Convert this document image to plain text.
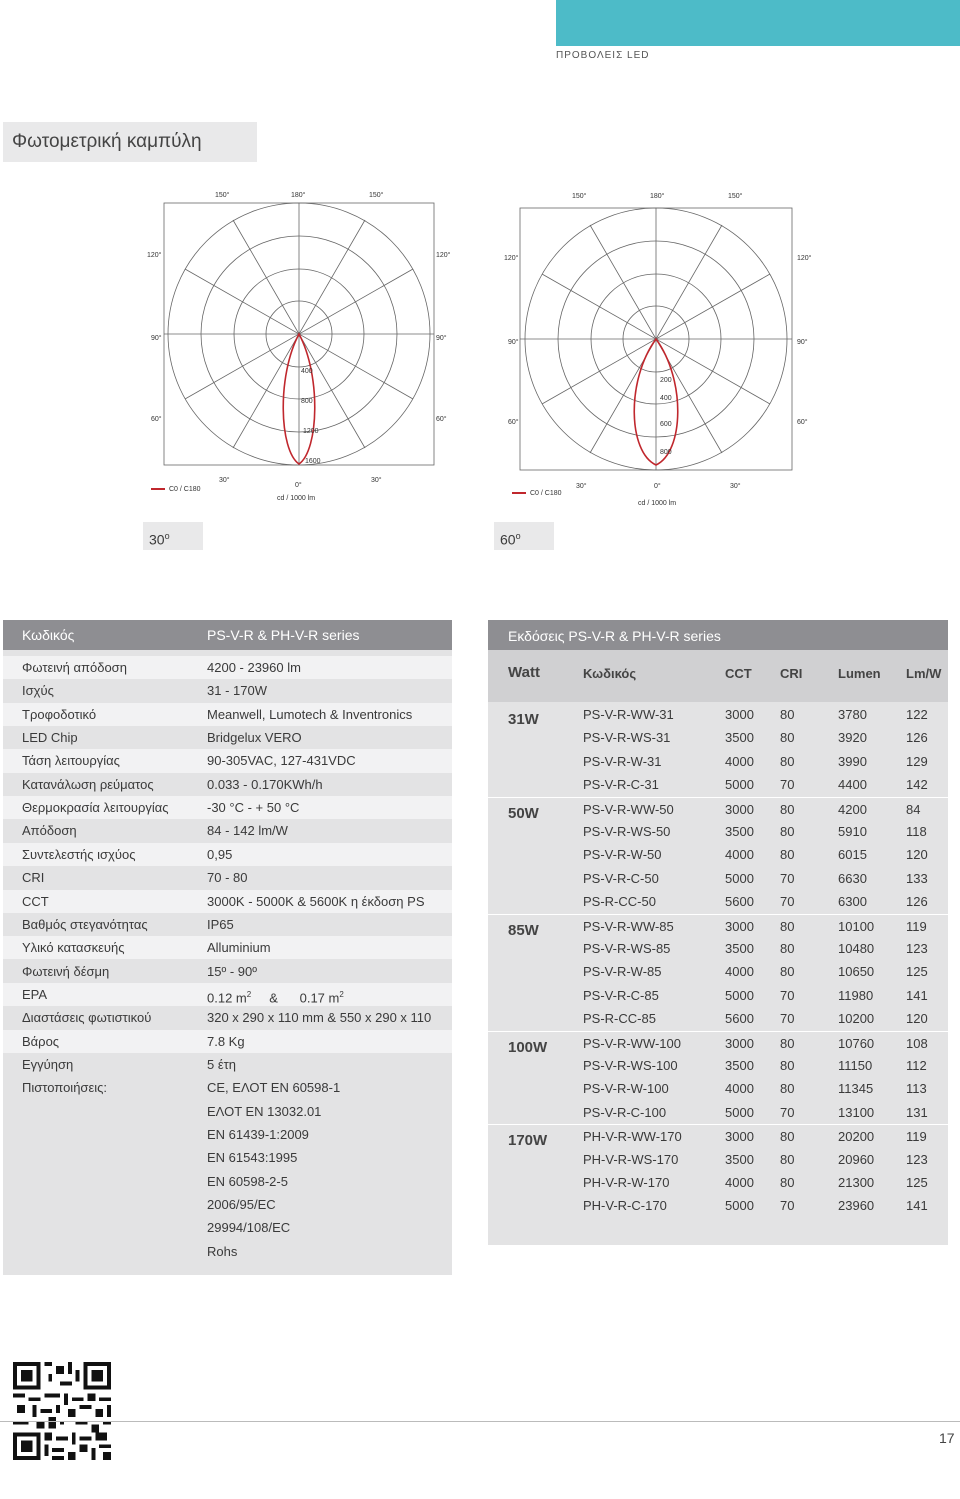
ΠΡΟΒΟΛΕΙΣ LED
Φωτομετρική καμπύλη
150°	180°	150°
120°	120°
90°	90°
60°	60°
30°
0°
30°
400
800
1200
1600
C0 / C180
cd / 1000 lm
150°	180°	150°
120°	120°
90°	90°
60°	60°
30°	0°	30°
200
400
600
800
C0 / C180
cd / 1000 lm
30$^o$	60$^o$
Κωδικός	PS-V-R & PH-V-R series
Φωτεινή απόδοση	4200 - 23960 lm
Ισχύς	31 - 170W
Τροφοδοτικό	Meanwell, Lumotech & Inventronics
LED Chip	Bridgelux VERO
Τάση λειτουργίας	90-305VAC, 127-431VDC
Κατανάλωση ρεύματος	0.033 - 0.170KWh/h
Θερμοκρασία λειτουργίας	-30 °C - + 50 °C
Απόδοση	84 - 142 lm/W
Συντελεστής ισχύος	0,95
CRI	70 - 80
CCT	3000K - 5000K & 5600K η έκδοση PS
Βαθμός στεγανότητας	IP65
Υλικό κατασκευής	Alluminium
Φωτεινή δέσμη	15º - 90º
EPA	0.12 $m^2$ & 0.17 $m^2$
Διαστάσεις φωτιστικού	320 x 290 x 110 mm & 550 x 290 x 110
Βάρος	7.8 Kg
Εγγύηση	5 έτη
Πιστοποιήσεις:	CE, ΕΛΟΤ EN 60598-1
ΕΛΟΤ EN 13032.01
EN 61439-1:2009
EN 61543:1995
EN 60598-2-5
2006/95/EC
29994/108/EC
Rohs
Εκδόσεις PS-V-R & PH-V-R series
Watt	Κωδικός	CCT CRI	Lumen Lm/W
31W	PS-V-R-WW-31	3000 80	3780	122
PS-V-R-WS-31	3500 80	3920	126
PS-V-R-W-31	4000 80	3990	129
PS-V-R-C-31	5000 70	4400	142
50W	PS-V-R-WW-50	3000 80	4200	84
PS-V-R-WS-50	3500 80	5910	118
PS-V-R-W-50	4000 80	6015	120
PS-V-R-C-50	5000 70	6630	133
PS-R-CC-50	5600 70	6300	126
85W	PS-V-R-WW-85	3000 80	10100 119
PS-V-R-WS-85	3500 80	10480 123
PS-V-R-W-85	4000 80	10650 125
PS-V-R-C-85	5000 70	11980	141
PS-R-CC-85	5600 70	10200 120
100W	PS-V-R-WW-100	3000 80	10760 108
PS-V-R-WS-100	3500 80	11150	112
PS-V-R-W-100	4000 80	11345	113
PS-V-R-C-100	5000 70	13100 131
170W	PH-V-R-WW-170	3000 80	20200 119
PH-V-R-WS-170	3500 80	20960 123
PH-V-R-W-170	4000 80	21300 125
PH-V-R-C-170	5000 70	23960 141
17
